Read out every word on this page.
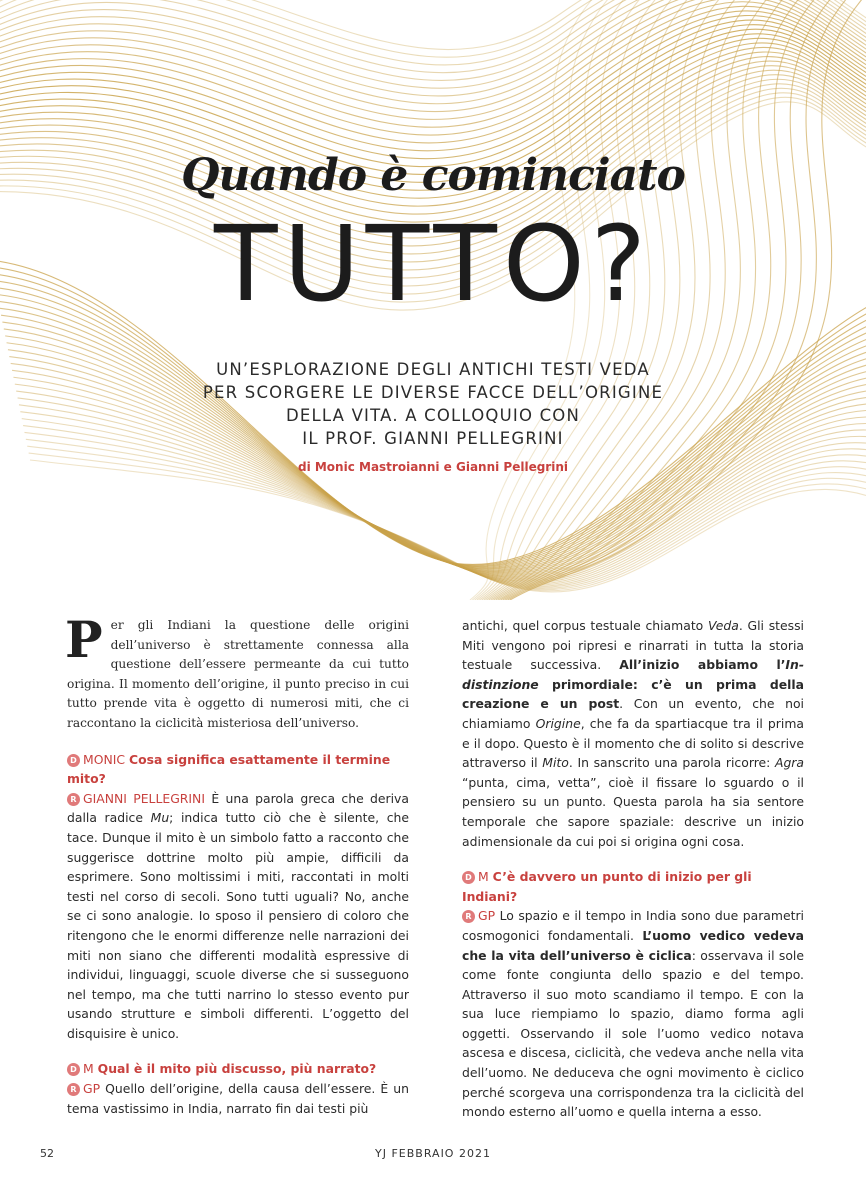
Quando è cominciato
TUTTO?
UN’ESPLORAZIONE DEGLI ANTICHI TESTI VEDA
PER SCORGERE LE DIVERSE FACCE DELL’ORIGINE
DELLA VITA. A COLLOQUIO CON
IL PROF. GIANNI PELLEGRINI
di Monic Mastroianni e Gianni Pellegrini

Per gli Indiani la questione delle origini dell’universo è strettamente connessa alla questione dell’essere permeante da cui tutto origina. Il momento dell’origine, il punto preciso in cui tutto prende vita è oggetto di numerosi miti, che ci raccontano la ciclicità misteriosa dell’universo.

D MONIC Cosa significa esattamente il termine mito?

R GIANNI PELLEGRINI È una parola greca che deriva dalla radice Mu; indica tutto ciò che è silente, che tace. Dunque il mito è un simbolo fatto a racconto che suggerisce dottrine molto più ampie, difficili da esprimere. Sono moltissimi i miti, raccontati in molti testi nel corso di secoli. Sono tutti uguali? No, anche se ci sono analogie. Io sposo il pensiero di coloro che ritengono che le enormi differenze nelle narrazioni dei miti non siano che differenti modalità espressive di individui, linguaggi, scuole diverse che si susseguono nel tempo, ma che tutti narrino lo stesso evento pur usando strutture e simboli differenti. L’oggetto del disquisire è unico.

D M Qual è il mito più discusso, più narrato?

R GP Quello dell’origine, della causa dell’essere. È un tema vastissimo in India, narrato fin dai testi più

antichi, quel corpus testuale chiamato Veda. Gli stessi Miti vengono poi ripresi e rinarrati in tutta la storia testuale successiva. All’inizio abbiamo l’In-distinzione primordiale: c’è un prima della creazione e un post. Con un evento, che noi chiamiamo Origine, che fa da spartiacque tra il prima e il dopo. Questo è il momento che di solito si descrive attraverso il Mito. In sanscrito una parola ricorre: Agra “punta, cima, vetta”, cioè il fissare lo sguardo o il pensiero su un punto. Questa parola ha sia sentore temporale che sapore spaziale: descrive un inizio adimensionale da cui poi si origina ogni cosa.

D M C’è davvero un punto di inizio per gli Indiani?

R GP Lo spazio e il tempo in India sono due parametri cosmogonici fondamentali. L’uomo vedico vedeva che la vita dell’universo è ciclica: osservava il sole come fonte congiunta dello spazio e del tempo. Attraverso il suo moto scandiamo il tempo. E con la sua luce riempiamo lo spazio, diamo forma agli oggetti. Osservando il sole l’uomo vedico notava ascesa e discesa, ciclicità, che vedeva anche nella vita dell’uomo. Ne deduceva che ogni movimento è ciclico perché scorgeva una corrispondenza tra la ciclicità del mondo esterno all’uomo e quella interna a esso.

52	YJ FEBBRAIO 2021
